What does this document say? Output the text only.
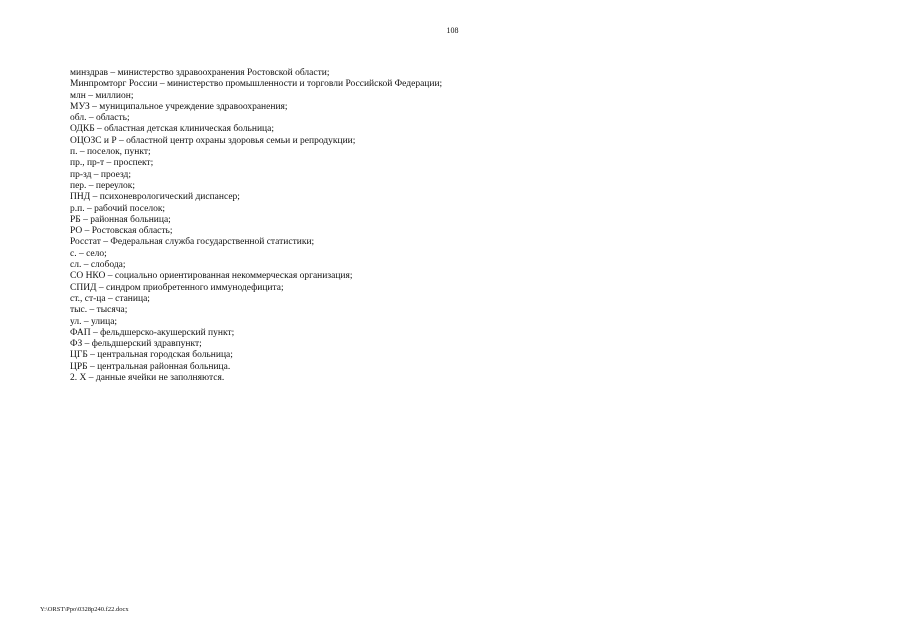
108
минздрав – министерство здравоохранения Ростовской области;
Минпромторг России – министерство промышленности и торговли Российской Федерации;
млн – миллион;
МУЗ – муниципальное учреждение здравоохранения;
обл. – область;
ОДКБ – областная детская клиническая больница;
ОЦОЗС и Р – областной центр охраны здоровья семьи и репродукции;
п. – поселок, пункт;
пр., пр-т – проспект;
пр-зд – проезд;
пер. – переулок;
ПНД – психоневрологический диспансер;
р.п. – рабочий поселок;
РБ – районная больница;
РО – Ростовская область;
Росстат – Федеральная служба государственной статистики;
с. – село;
сл. – слобода;
СО НКО – социально ориентированная некоммерческая организация;
СПИД – синдром приобретенного иммунодефицита;
ст., ст-ца – станица;
тыс. – тысяча;
ул. – улица;
ФАП – фельдшерско-акушерский пункт;
ФЗ – фельдшерский здравпункт;
ЦГБ – центральная городская больница;
ЦРБ – центральная районная больница.
2. Х – данные ячейки не заполняются.
Y:\ORST\Ppo\0328p240.f22.docx
